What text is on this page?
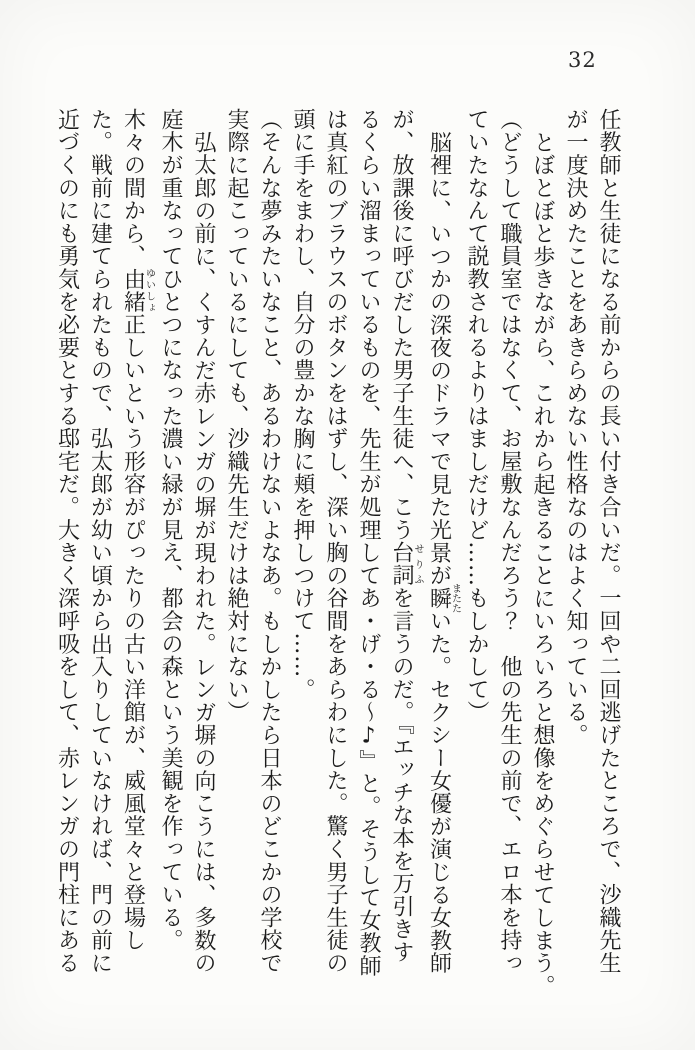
32
任教師と生徒になる前からの長い付き合いだ。一回や二回逃げたところで、沙織先生
が一度決めたことをあきらめない性格なのはよく知っている。
とぼとぼと歩きながら、これから起きることにいろいろと想像をめぐらせてしまう。
（どうして職員室ではなくて、お屋敷なんだろう？　他の先生の前で、エロ本を持っ
ていたなんて説教されるよりはましだけど……もしかして）
脳裡に、いつかの深夜のドラマで見た光景が瞬またたいた。セクシー女優が演じる女教師
が、放課後に呼びだした男子生徒へ、こう台詞せりふを言うのだ。『エッチな本を万引きす
るくらい溜まっているものを、先生が処理してあ・げ・る～♪』と。そうして女教師
は真紅のブラウスのボタンをはずし、深い胸の谷間をあらわにした。驚く男子生徒の
頭に手をまわし、自分の豊かな胸に頬を押しつけて……。
（そんな夢みたいなこと、あるわけないよなあ。もしかしたら日本のどこかの学校で
実際に起こっているにしても、沙織先生だけは絶対にない）
弘太郎の前に、くすんだ赤レンガの塀が現われた。レンガ塀の向こうには、多数の
庭木が重なってひとつになった濃い緑が見え、都会の森という美観を作っている。
木々の間から、由緒ゆいしょ正しいという形容がぴったりの古い洋館が、威風堂々と登場し
た。戦前に建てられたもので、弘太郎が幼い頃から出入りしていなければ、門の前に
近づくのにも勇気を必要とする邸宅だ。大きく深呼吸をして、赤レンガの門柱にある
